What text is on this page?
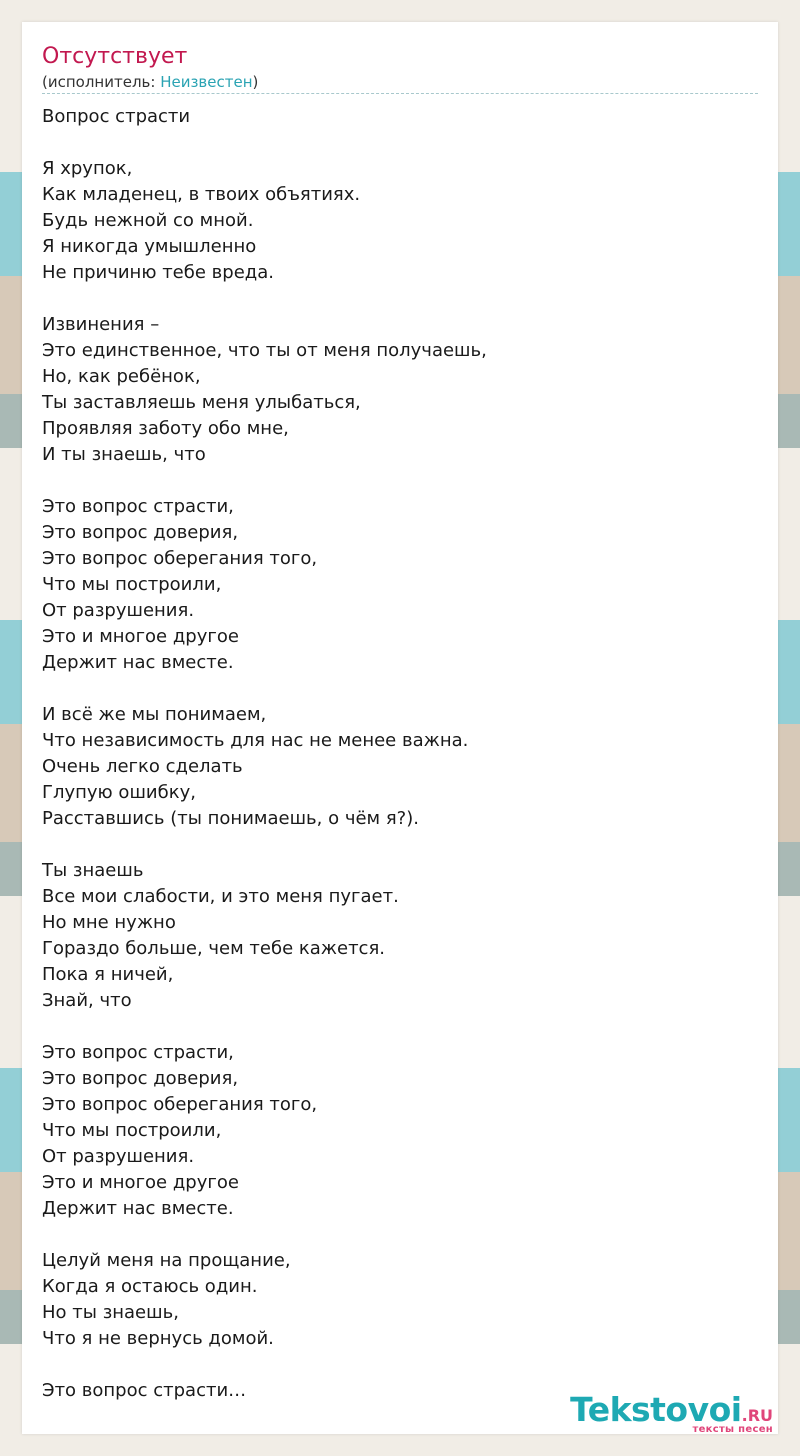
Отсутствует
(исполнитель: Неизвестен)
Вопрос страсти
Я хрупок,
Как младенец, в твоих объятиях.
Будь нежной со мной.
Я никогда умышленно
Не причиню тебе вреда.
Извинения –
Это единственное, что ты от меня получаешь,
Но, как ребёнок,
Ты заставляешь меня улыбаться,
Проявляя заботу обо мне,
И ты знаешь, что
Это вопрос страсти,
Это вопрос доверия,
Это вопрос оберегания того,
Что мы построили,
От разрушения.
Это и многое другое
Держит нас вместе.
И всё же мы понимаем,
Что независимость для нас не менее важна.
Очень легко сделать
Глупую ошибку,
Расставшись (ты понимаешь, о чём я?).
Ты знаешь
Все мои слабости, и это меня пугает.
Но мне нужно
Гораздо больше, чем тебе кажется.
Пока я ничей,
Знай, что
Это вопрос страсти,
Это вопрос доверия,
Это вопрос оберегания того,
Что мы построили,
От разрушения.
Это и многое другое
Держит нас вместе.
Целуй меня на прощание,
Когда я остаюсь один.
Но ты знаешь,
Что я не вернусь домой.
Это вопрос страсти…	Tekstovoi.RU
тексты песен
